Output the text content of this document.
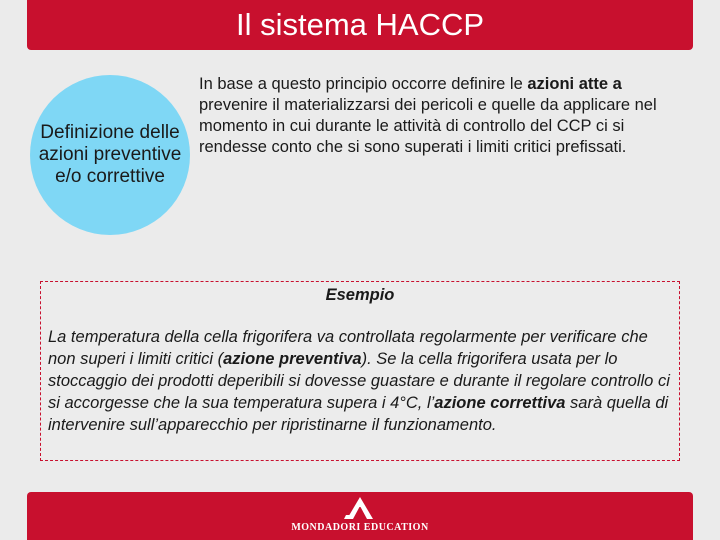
Il sistema HACCP
Definizione delle azioni preventive e/o correttive
In base a questo principio occorre definire le azioni atte a prevenire il materializzarsi dei pericoli e quelle da applicare nel momento in cui durante le attività di controllo del CCP ci si rendesse conto che si sono superati i limiti critici prefissati.
Esempio
La temperatura della cella frigorifera va controllata regolarmente per verificare che non superi i limiti critici (azione preventiva). Se la cella frigorifera usata per lo stoccaggio dei prodotti deperibili si dovesse guastare e durante il regolare controllo ci si accorgesse che la sua temperatura supera i 4°C, l’azione correttiva sarà quella di intervenire sull’apparecchio per ripristinarne il funzionamento.
MONDADORI EDUCATION
